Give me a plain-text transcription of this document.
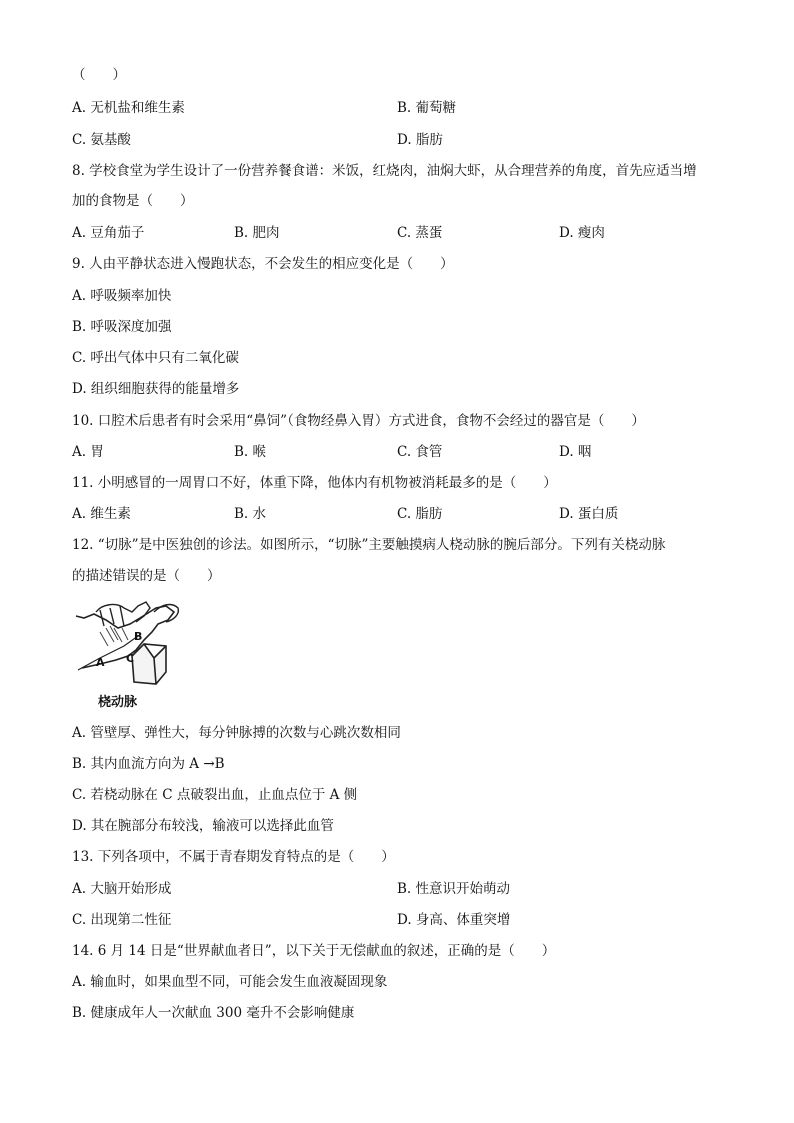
（　　）
A. 无机盐和维生素	B. 葡萄糖
C. 氨基酸	D. 脂肪
8. 学校食堂为学生设计了一份营养餐食谱：米饭，红烧肉，油焖大虾，从合理营养的角度，首先应适当增
加的食物是（　　）
A. 豆角茄子	B. 肥肉	C. 蒸蛋	D. 瘦肉
9. 人由平静状态进入慢跑状态，不会发生的相应变化是（　　）
A. 呼吸频率加快
B. 呼吸深度加强
C. 呼出气体中只有二氧化碳
D. 组织细胞获得的能量增多
10. 口腔术后患者有时会采用“鼻饲”（食物经鼻入胃）方式进食，食物不会经过的器官是（　　）
A. 胃	B. 喉	C. 食管	D. 咽
11. 小明感冒的一周胃口不好，体重下降，他体内有机物被消耗最多的是（　　）
A. 维生素	B. 水	C. 脂肪	D. 蛋白质
12. “切脉”是中医独创的诊法。如图所示，“切脉”主要触摸病人桡动脉的腕后部分。下列有关桡动脉
的描述错误的是（　　）
A
B
C
桡动脉
A. 管壁厚、弹性大，每分钟脉搏的次数与心跳次数相同
B. 其内血流方向为 A →B
C. 若桡动脉在 C 点破裂出血，止血点位于 A 侧
D. 其在腕部分布较浅，输液可以选择此血管
13. 下列各项中，不属于青春期发育特点的是（　　）
A. 大脑开始形成	B. 性意识开始萌动
C. 出现第二性征	D. 身高、体重突增
14. 6 月 14 日是“世界献血者日”，以下关于无偿献血的叙述，正确的是（　　）
A. 输血时，如果血型不同，可能会发生血液凝固现象
B. 健康成年人一次献血 300 毫升不会影响健康
